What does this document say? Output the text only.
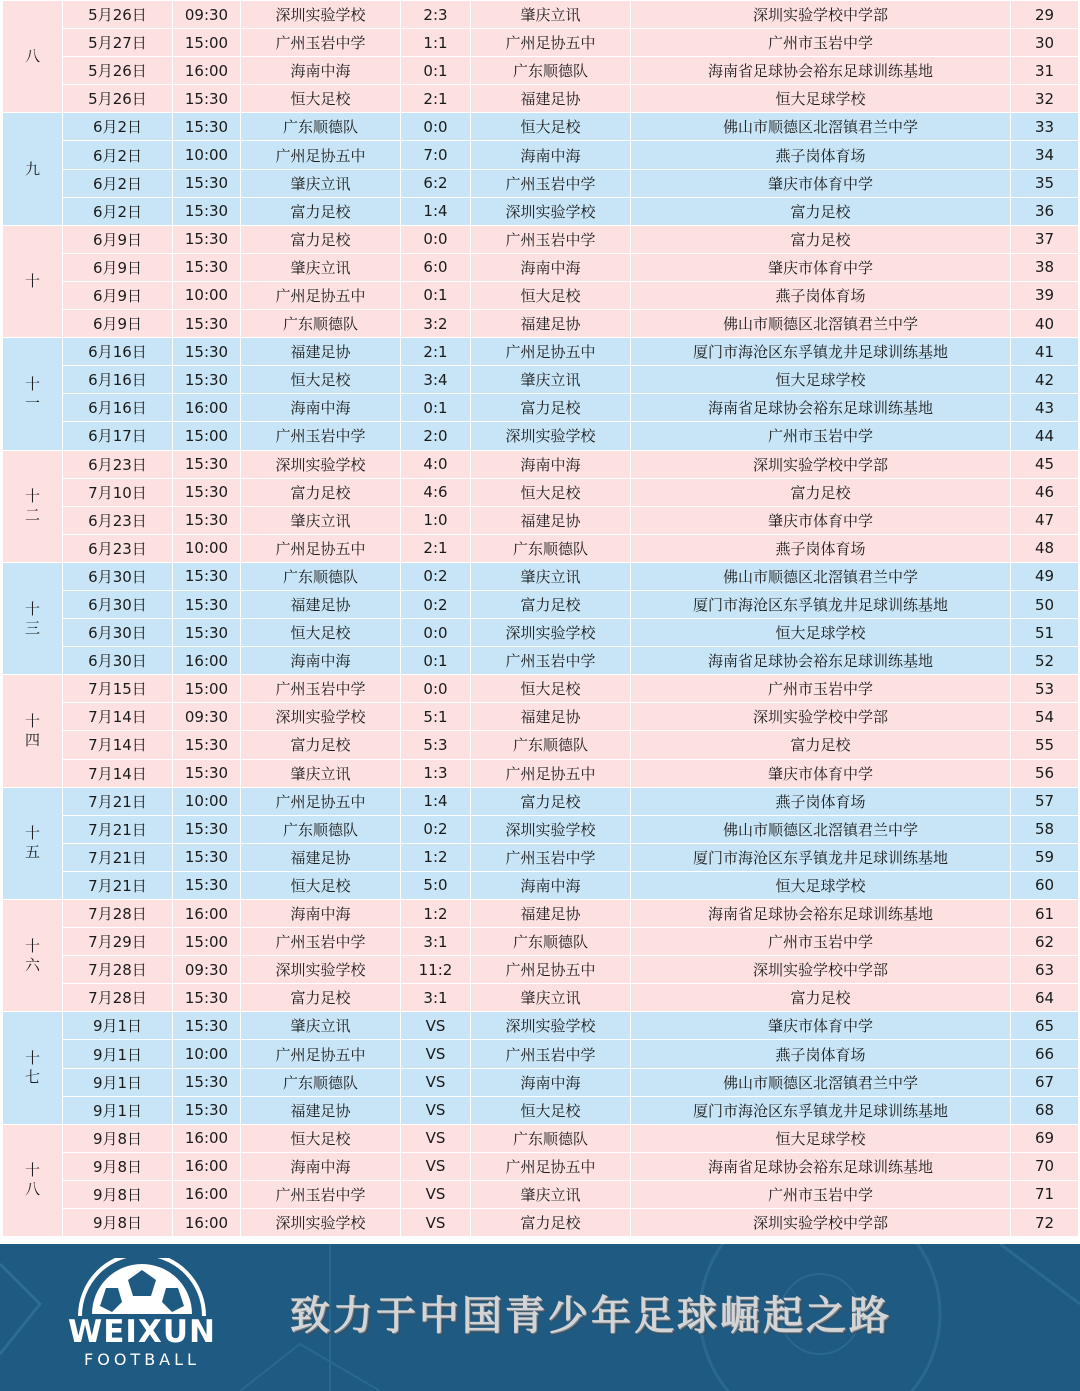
八	5月26日	09:30	深圳实验学校	2:3	肇庆立讯	深圳实验学校中学部	29
	5月27日	15:00	广州玉岩中学	1:1	广州足协五中	广州市玉岩中学	30
	5月26日	16:00	海南中海	0:1	广东顺德队	海南省足球协会裕东足球训练基地	31
	5月26日	15:30	恒大足校	2:1	福建足协	恒大足球学校	32

九	6月2日	15:30	广东顺德队	0:0	恒大足校	佛山市顺德区北滘镇君兰中学	33
	6月2日	10:00	广州足协五中	7:0	海南中海	燕子岗体育场	34
	6月2日	15:30	肇庆立讯	6:2	广州玉岩中学	肇庆市体育中学	35
	6月2日	15:30	富力足校	1:4	深圳实验学校	富力足校	36

十	6月9日	15:30	富力足校	0:0	广州玉岩中学	富力足校	37
	6月9日	15:30	肇庆立讯	6:0	海南中海	肇庆市体育中学	38
	6月9日	10:00	广州足协五中	0:1	恒大足校	燕子岗体育场	39
	6月9日	15:30	广东顺德队	3:2	福建足协	佛山市顺德区北滘镇君兰中学	40

十一	6月16日	15:30	福建足协	2:1	广州足协五中	厦门市海沧区东孚镇龙井足球训练基地	41
	6月16日	15:30	恒大足校	3:4	肇庆立讯	恒大足球学校	42
	6月16日	16:00	海南中海	0:1	富力足校	海南省足球协会裕东足球训练基地	43
	6月17日	15:00	广州玉岩中学	2:0	深圳实验学校	广州市玉岩中学	44

十二	6月23日	15:30	深圳实验学校	4:0	海南中海	深圳实验学校中学部	45
	7月10日	15:30	富力足校	4:6	恒大足校	富力足校	46
	6月23日	15:30	肇庆立讯	1:0	福建足协	肇庆市体育中学	47
	6月23日	10:00	广州足协五中	2:1	广东顺德队	燕子岗体育场	48

十三	6月30日	15:30	广东顺德队	0:2	肇庆立讯	佛山市顺德区北滘镇君兰中学	49
	6月30日	15:30	福建足协	0:2	富力足校	厦门市海沧区东孚镇龙井足球训练基地	50
	6月30日	15:30	恒大足校	0:0	深圳实验学校	恒大足球学校	51
	6月30日	16:00	海南中海	0:1	广州玉岩中学	海南省足球协会裕东足球训练基地	52

十四	7月15日	15:00	广州玉岩中学	0:0	恒大足校	广州市玉岩中学	53
	7月14日	09:30	深圳实验学校	5:1	福建足协	深圳实验学校中学部	54
	7月14日	15:30	富力足校	5:3	广东顺德队	富力足校	55
	7月14日	15:30	肇庆立讯	1:3	广州足协五中	肇庆市体育中学	56

十五	7月21日	10:00	广州足协五中	1:4	富力足校	燕子岗体育场	57
	7月21日	15:30	广东顺德队	0:2	深圳实验学校	佛山市顺德区北滘镇君兰中学	58
	7月21日	15:30	福建足协	1:2	广州玉岩中学	厦门市海沧区东孚镇龙井足球训练基地	59
	7月21日	15:30	恒大足校	5:0	海南中海	恒大足球学校	60

十六	7月28日	16:00	海南中海	1:2	福建足协	海南省足球协会裕东足球训练基地	61
	7月29日	15:00	广州玉岩中学	3:1	广东顺德队	广州市玉岩中学	62
	7月28日	09:30	深圳实验学校	11:2	广州足协五中	深圳实验学校中学部	63
	7月28日	15:30	富力足校	3:1	肇庆立讯	富力足校	64

十七	9月1日	15:30	肇庆立讯	VS	深圳实验学校	肇庆市体育中学	65
	9月1日	10:00	广州足协五中	VS	广州玉岩中学	燕子岗体育场	66
	9月1日	15:30	广东顺德队	VS	海南中海	佛山市顺德区北滘镇君兰中学	67
	9月1日	15:30	福建足协	VS	恒大足校	厦门市海沧区东孚镇龙井足球训练基地	68

十八	9月8日	16:00	恒大足校	VS	广东顺德队	恒大足球学校	69
	9月8日	16:00	海南中海	VS	广州足协五中	海南省足球协会裕东足球训练基地	70
	9月8日	16:00	广州玉岩中学	VS	肇庆立讯	广州市玉岩中学	71
	9月8日	16:00	深圳实验学校	VS	富力足校	深圳实验学校中学部	72
WEIXUN
FOOTBALL
致力于中国青少年足球崛起之路
